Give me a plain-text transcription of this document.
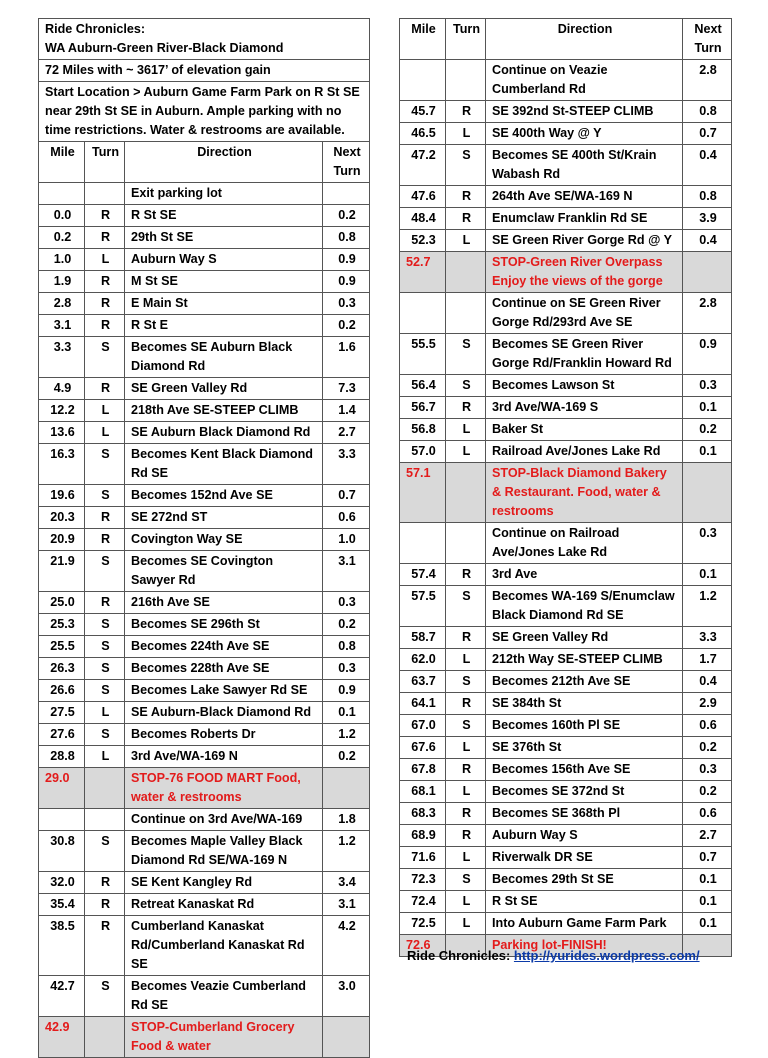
Ride Chronicles:
WA Auburn-Green River-Black Diamond			

72 Miles with ~ 3617’ of elevation gain			
Start Location > Auburn Game Farm Park on R St SE near 29th St SE in Auburn. Ample parking with no time restrictions. Water & restrooms are available.			
Mile	Turn	Direction	Next Turn
		Exit parking lot	
0.0	R	R St SE	0.2
0.2	R	29th St SE	0.8
1.0	L	Auburn Way S	0.9
1.9	R	M St SE	0.9
2.8	R	E Main St	0.3
3.1	R	R St E	0.2
3.3	S	Becomes SE Auburn Black Diamond Rd	1.6
4.9	R	SE Green Valley Rd	7.3
12.2	L	218th Ave SE-STEEP CLIMB	1.4
13.6	L	SE Auburn Black Diamond Rd	2.7
16.3	S	Becomes Kent Black Diamond Rd SE	3.3
19.6	S	Becomes 152nd Ave SE	0.7
20.3	R	SE 272nd ST	0.6
20.9	R	Covington Way SE	1.0
21.9	S	Becomes SE Covington Sawyer Rd	3.1
25.0	R	216th Ave SE	0.3
25.3	S	Becomes SE 296th St	0.2
25.5	S	Becomes 224th Ave SE	0.8
26.3	S	Becomes 228th Ave SE	0.3
26.6	S	Becomes Lake Sawyer Rd SE	0.9
27.5	L	SE Auburn-Black Diamond Rd	0.1
27.6	S	Becomes Roberts Dr	1.2
28.8	L	3rd Ave/WA-169 N	0.2
29.0		STOP-76 FOOD MART Food, water & restrooms	
		Continue on 3rd Ave/WA-169	1.8
30.8	S	Becomes Maple Valley Black Diamond Rd SE/WA-169 N	1.2
32.0	R	SE Kent Kangley Rd	3.4
35.4	R	Retreat Kanaskat Rd	3.1
38.5	R	Cumberland Kanaskat Rd/Cumberland Kanaskat Rd SE	4.2
42.7	S	Becomes Veazie Cumberland Rd SE	3.0
42.9		STOP-Cumberland Grocery Food & water	
Mile	Turn	Direction	Next Turn
		Continue on Veazie Cumberland Rd	2.8
45.7	R	SE 392nd St-STEEP CLIMB	0.8
46.5	L	SE 400th Way @ Y	0.7
47.2	S	Becomes SE 400th St/Krain Wabash Rd	0.4
47.6	R	264th Ave SE/WA-169 N	0.8
48.4	R	Enumclaw Franklin Rd SE	3.9
52.3	L	SE Green River Gorge Rd @ Y	0.4
52.7		STOP-Green River Overpass Enjoy the views of the gorge	
		Continue on SE Green River Gorge Rd/293rd Ave SE	2.8
55.5	S	Becomes SE Green River Gorge Rd/Franklin Howard Rd	0.9
56.4	S	Becomes Lawson St	0.3
56.7	R	3rd Ave/WA-169 S	0.1
56.8	L	Baker St	0.2
57.0	L	Railroad Ave/Jones Lake Rd	0.1
57.1		STOP-Black Diamond Bakery & Restaurant. Food, water & restrooms	
		Continue on Railroad Ave/Jones Lake Rd	0.3
57.4	R	3rd Ave	0.1
57.5	S	Becomes WA-169 S/Enumclaw Black Diamond Rd SE	1.2
58.7	R	SE Green Valley Rd	3.3
62.0	L	212th Way SE-STEEP CLIMB	1.7
63.7	S	Becomes 212th Ave SE	0.4
64.1	R	SE 384th St	2.9
67.0	S	Becomes 160th Pl SE	0.6
67.6	L	SE 376th St	0.2
67.8	R	Becomes 156th Ave SE	0.3
68.1	L	Becomes SE 372nd St	0.2
68.3	R	Becomes SE 368th Pl	0.6
68.9	R	Auburn Way S	2.7
71.6	L	Riverwalk DR SE	0.7
72.3	S	Becomes 29th St SE	0.1
72.4	L	R St SE	0.1
72.5	L	Into Auburn Game Farm Park	0.1
72.6		Parking lot-FINISH!	
Ride Chronicles: http://yurides.wordpress.com/
